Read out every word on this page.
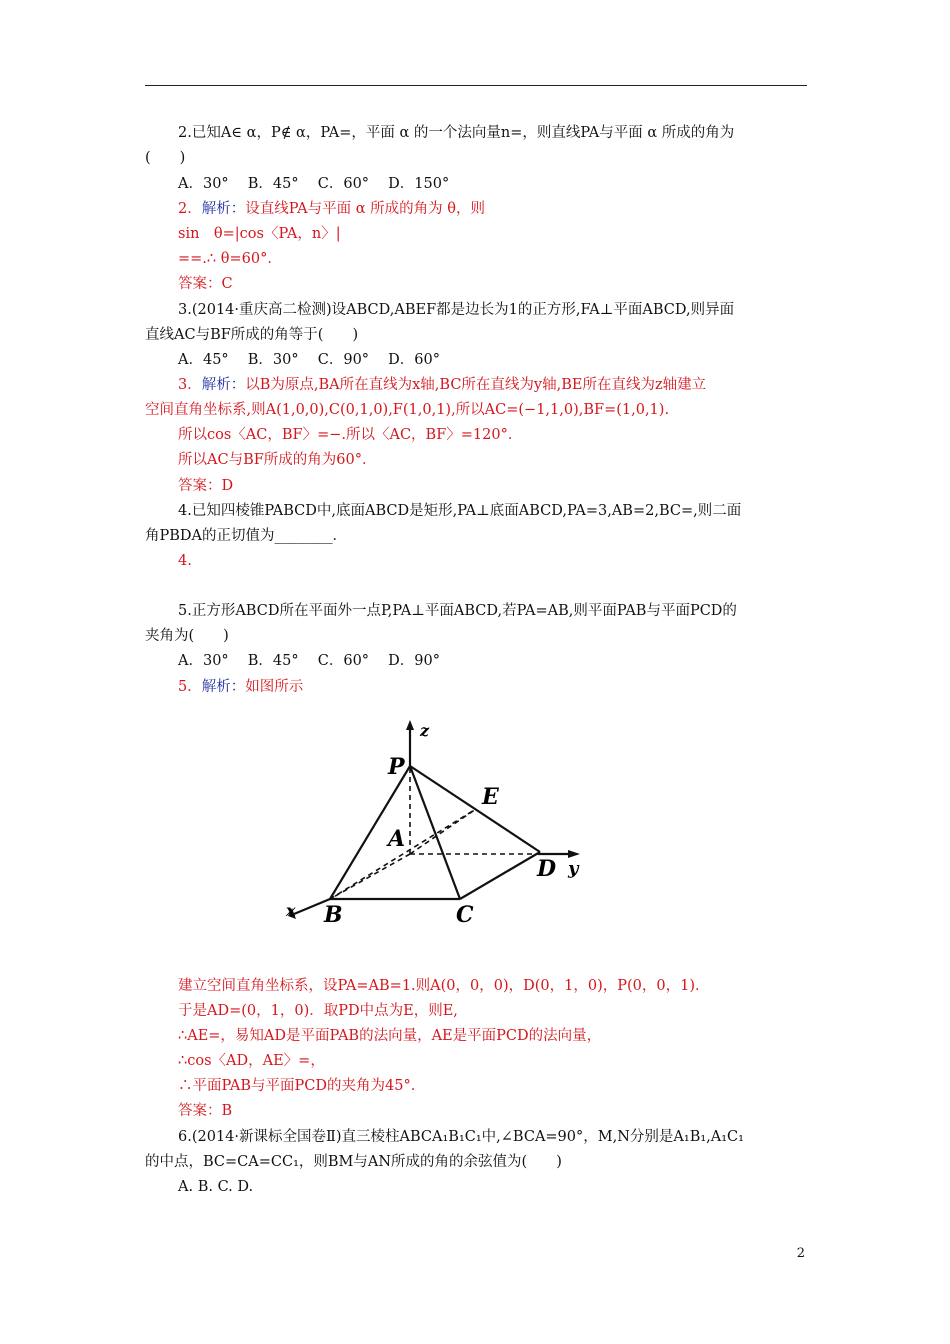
2.已知A∈ α，P∉ α，PA=，平面 α 的一个法向量n=，则直线PA与平面 α 所成的角为
(　　)
A．30°　 B．45°　 C．60°　 D．150°
2．解析：设直线PA与平面 α 所成的角为 θ，则
sin　θ=|cos〈PA，n〉|
==.∴ θ=60°．
答案：C
3.(2014·重庆高二检测)设ABCD,ABEF都是边长为1的正方形,FA⊥平面ABCD,则异面
直线AC与BF所成的角等于(　　)
A．45°　 B．30°　 C．90°　 D．60°
3．解析：以B为原点,BA所在直线为x轴,BC所在直线为y轴,BE所在直线为z轴建立
空间直角坐标系,则A(1,0,0),C(0,1,0),F(1,0,1),所以AC=(−1,1,0),BF=(1,0,1).
所以cos〈AC，BF〉=−.所以〈AC，BF〉=120°．
所以AC与BF所成的角为60°．
答案：D
4.已知四棱锥PABCD中,底面ABCD是矩形,PA⊥底面ABCD,PA=3,AB=2,BC=,则二面
角PBDA的正切值为________．
4.
5.正方形ABCD所在平面外一点P,PA⊥平面ABCD,若PA=AB,则平面PAB与平面PCD的
夹角为(　　)
A．30°　 B．45°　 C．60°　 D．90°
5．解析：如图所示
z
y
x
P
E
A
D
B	C
建立空间直角坐标系，设PA=AB=1.则A(0，0，0)，D(0，1，0)，P(0，0，1)．
于是AD=(0，1，0)．取PD中点为E，则E,
∴AE=，易知AD是平面PAB的法向量，AE是平面PCD的法向量，
∴cos〈AD，AE〉=，
∴平面PAB与平面PCD的夹角为45°．
答案：B
6.(2014·新课标全国卷Ⅱ)直三棱柱ABCA₁B₁C₁中,∠BCA=90°，M,N分别是A₁B₁,A₁C₁
的中点，BC=CA=CC₁，则BM与AN所成的角的余弦值为(　　)
A. B. C. D.
2
